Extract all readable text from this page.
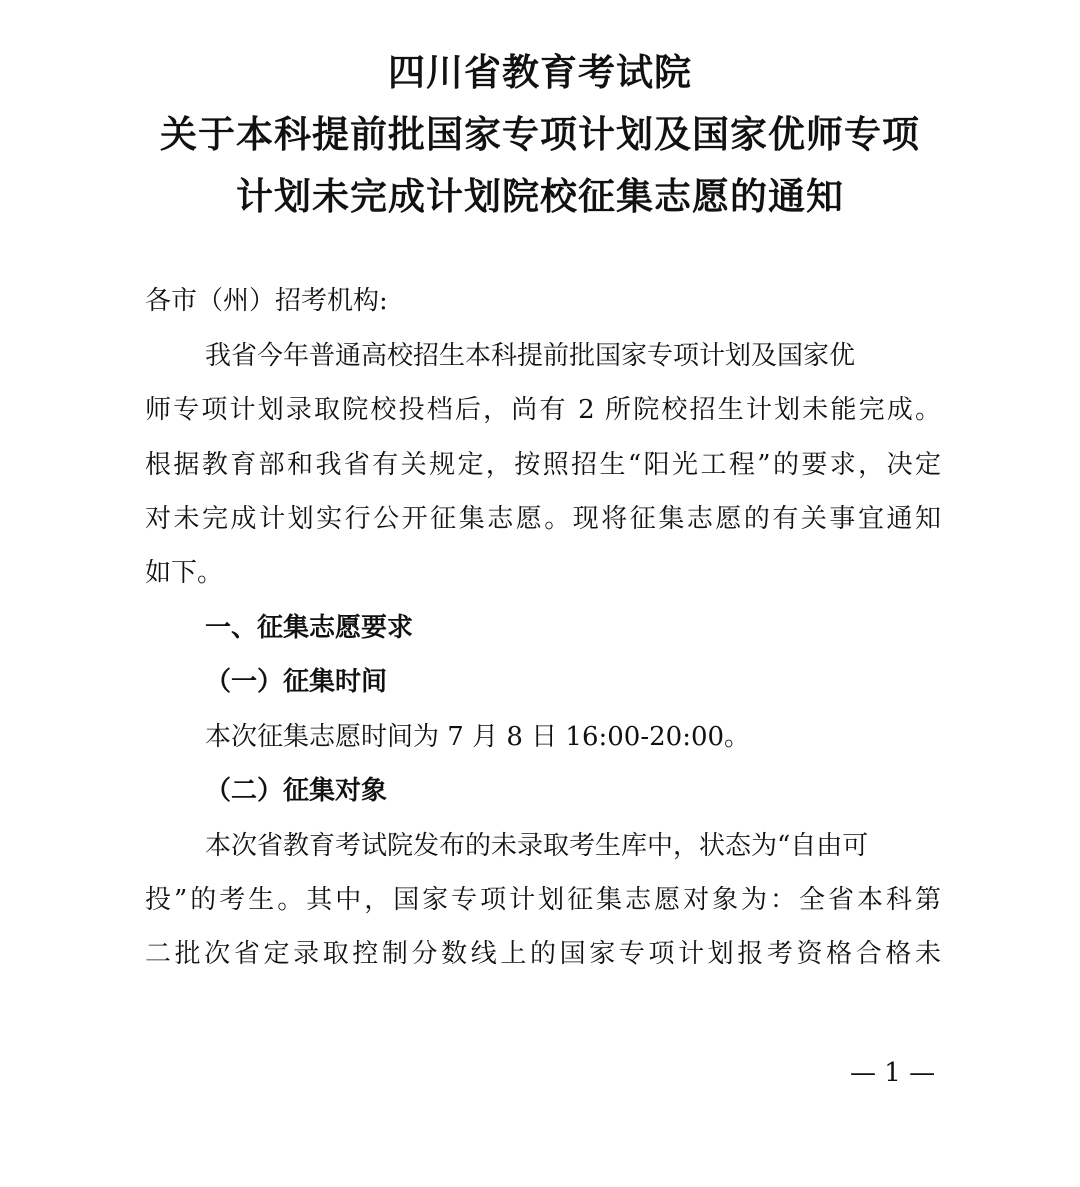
四川省教育考试院
关于本科提前批国家专项计划及国家优师专项
计划未完成计划院校征集志愿的通知
各市（州）招考机构:
我省今年普通高校招生本科提前批国家专项计划及国家优
师专项计划录取院校投档后，尚有 2 所院校招生计划未能完成。
根据教育部和我省有关规定，按照招生“阳光工程”的要求，决定
对未完成计划实行公开征集志愿。现将征集志愿的有关事宜通知
如下。
一、征集志愿要求
（一）征集时间
本次征集志愿时间为 7 月 8 日 16:00-20:00。
（二）征集对象
本次省教育考试院发布的未录取考生库中，状态为“自由可
投”的考生。其中，国家专项计划征集志愿对象为：全省本科第
二批次省定录取控制分数线上的国家专项计划报考资格合格未
— 1 —
